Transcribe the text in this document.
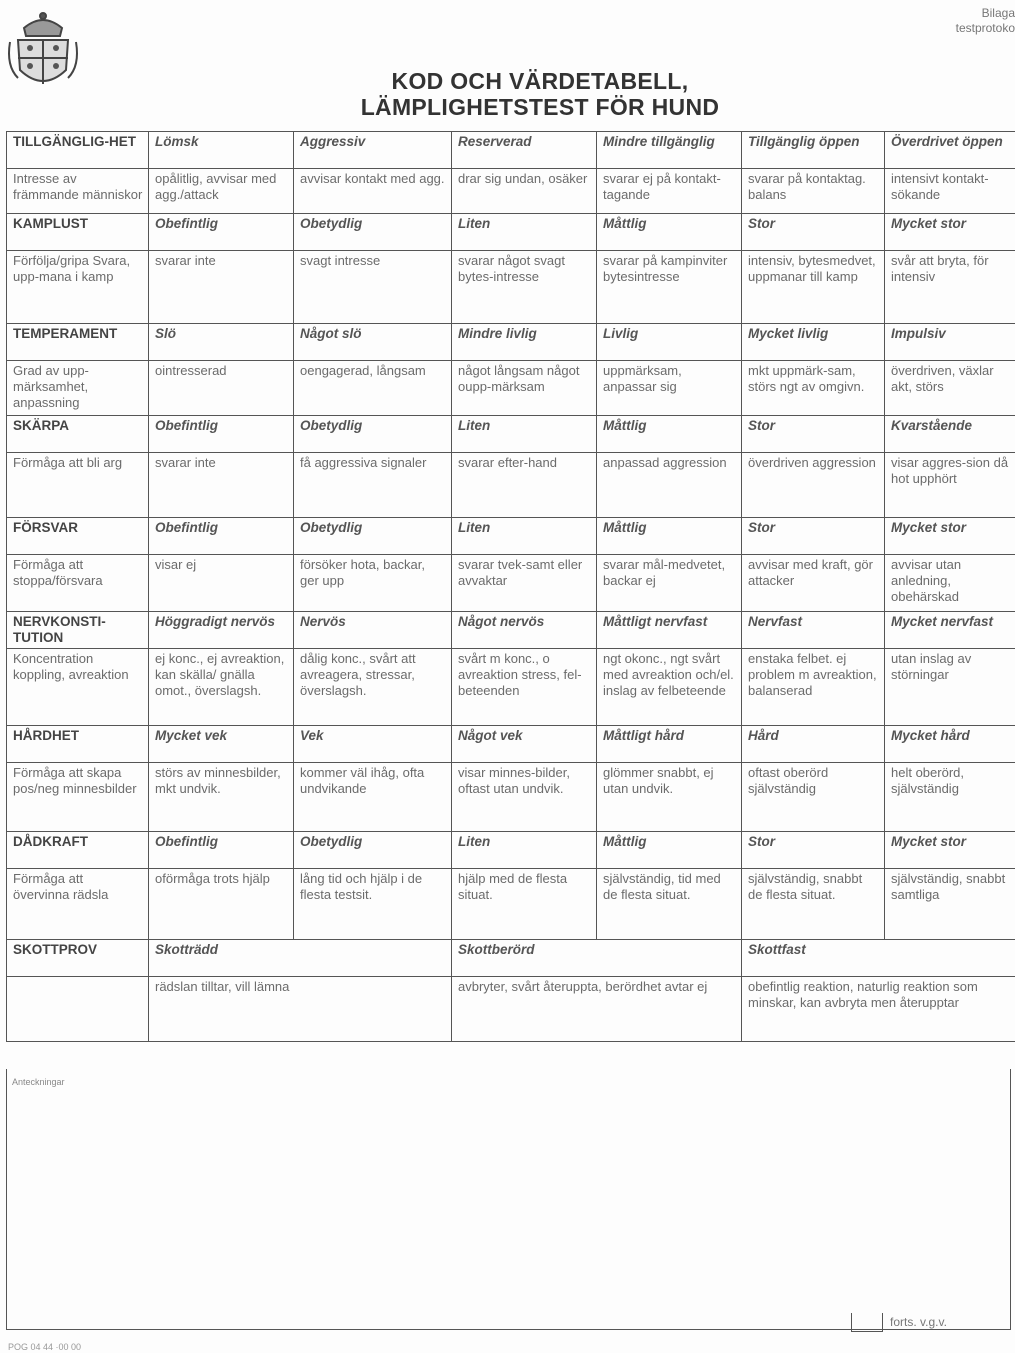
Bilaga
testprotoko
KOD OCH VÄRDETABELL,
LÄMPLIGHETSTEST FÖR HUND
TILLGÄNGLIG-HET	Lömsk	Aggressiv	Reserverad	Mindre tillgänglig	Tillgänglig öppen	Överdrivet öppen
Intresse av främmande människor	opålitlig, avvisar med agg./attack	avvisar kontakt med agg.	drar sig undan, osäker	svarar ej på kontakt-tagande	svarar på kontaktag. balans	intensivt kontakt-sökande
KAMPLUST	Obefintlig	Obetydlig	Liten	Måttlig	Stor	Mycket stor
Förfölja/gripa Svara, upp-mana i kamp	svarar inte	svagt intresse	svarar något svagt bytes-intresse	svarar på kampinviter bytesintresse	intensiv, bytesmedvet, uppmanar till kamp	svår att bryta, för intensiv
TEMPERAMENT	Slö	Något slö	Mindre livlig	Livlig	Mycket livlig	Impulsiv
Grad av upp-märksamhet, anpassning	ointresserad	oengagerad, långsam	något långsam något oupp-märksam	uppmärksam, anpassar sig	mkt uppmärk-sam, störs ngt av omgivn.	överdriven, växlar akt, störs
SKÄRPA	Obefintlig	Obetydlig	Liten	Måttlig	Stor	Kvarstående
Förmåga att bli arg	svarar inte	få aggressiva signaler	svarar efter-hand	anpassad aggression	överdriven aggression	visar aggres-sion då hot upphört
FÖRSVAR	Obefintlig	Obetydlig	Liten	Måttlig	Stor	Mycket stor
Förmåga att stoppa/försvara	visar ej	försöker hota, backar, ger upp	svarar tvek-samt eller avvaktar	svarar mål-medvetet, backar ej	avvisar med kraft, gör attacker	avvisar utan anledning, obehärskad
NERVKONSTI-TUTION	Höggradigt nervös	Nervös	Något nervös	Måttligt nervfast	Nervfast	Mycket nervfast
Koncentration koppling, avreaktion	ej konc., ej avreaktion, kan skälla/ gnälla omot., överslagsh.	dålig konc., svårt att avreagera, stressar, överslagsh.	svårt m konc., o avreaktion stress, fel-beteenden	ngt okonc., ngt svårt med avreaktion och/el. inslag av felbeteende	enstaka felbet. ej problem m avreaktion, balanserad	utan inslag av störningar
HÅRDHET	Mycket vek	Vek	Något vek	Måttligt hård	Hård	Mycket hård
Förmåga att skapa pos/neg minnesbilder	störs av minnesbilder, mkt undvik.	kommer väl ihåg, ofta undvikande	visar minnes-bilder, oftast utan undvik.	glömmer snabbt, ej utan undvik.	oftast oberörd självständig	helt oberörd, självständig
DÅDKRAFT	Obefintlig	Obetydlig	Liten	Måttlig	Stor	Mycket stor
Förmåga att övervinna rädsla	oförmåga trots hjälp	lång tid och hjälp i de flesta testsit.	hjälp med de flesta situat.	självständig, tid med de flesta situat.	självständig, snabbt de flesta situat.	självständig, snabbt samtliga
SKOTTPROV	Skotträdd		Skottberörd		Skottfast	
	rädslan tilltar, vill lämna		avbryter, svårt återuppta, berördhet avtar ej		obefintlig reaktion, naturlig reaktion som minskar, kan avbryta men återupptar	
Anteckningar
forts. v.g.v.
POG 04 44 ·00 00
